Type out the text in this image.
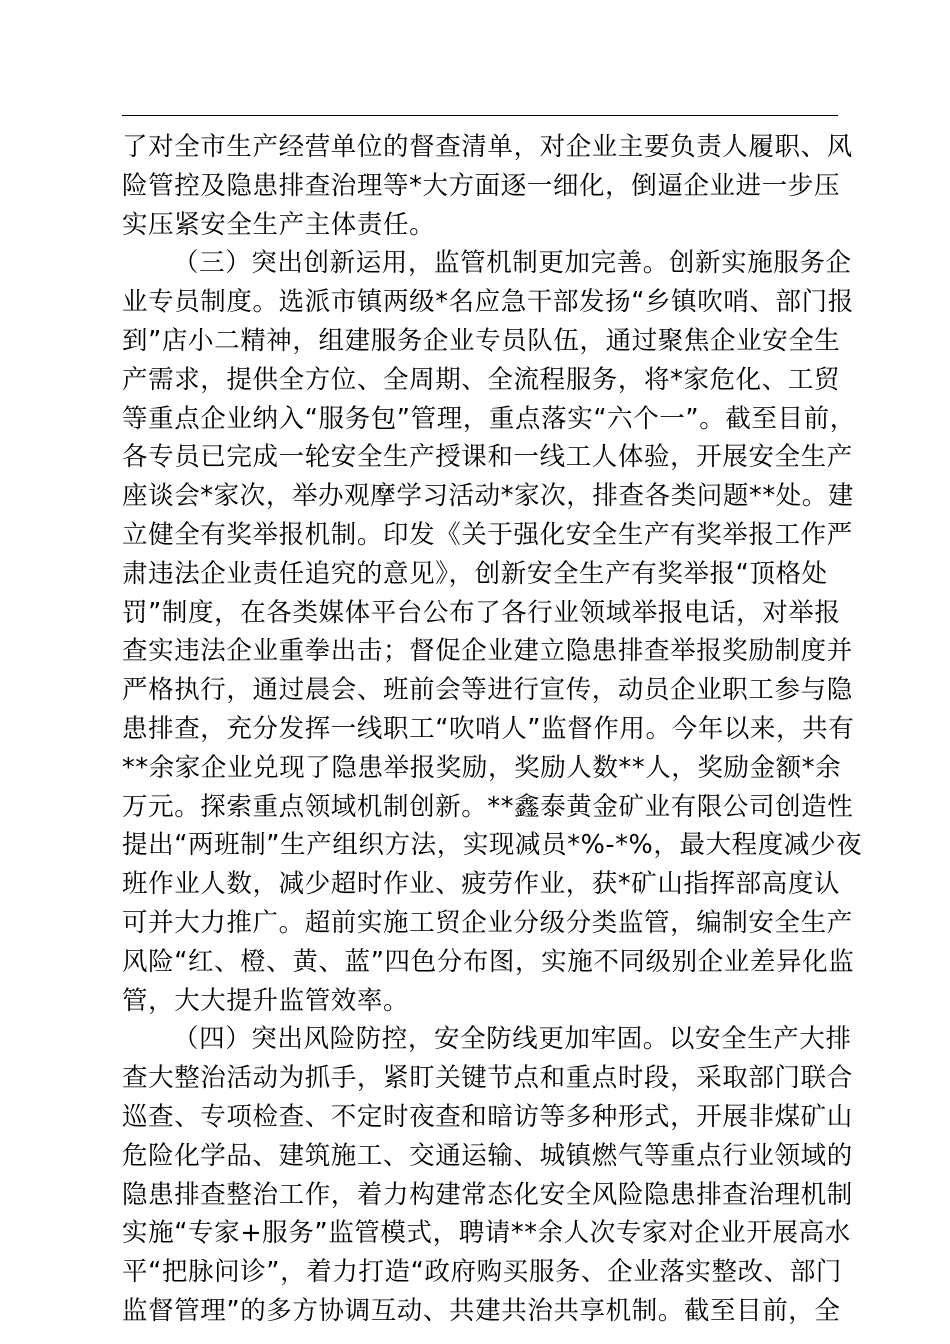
了对全市生产经营单位的督查清单，对企业主要负责人履职、风
险管控及隐患排查治理等*大方面逐一细化，倒逼企业进一步压
实压紧安全生产主体责任。
（三）突出创新运用，监管机制更加完善。创新实施服务企
业专员制度。选派市镇两级*名应急干部发扬“乡镇吹哨、部门报
到”店小二精神，组建服务企业专员队伍，通过聚焦企业安全生
产需求，提供全方位、全周期、全流程服务，将*家危化、工贸
等重点企业纳入“服务包”管理，重点落实“六个一”。截至目前，
各专员已完成一轮安全生产授课和一线工人体验，开展安全生产
座谈会*家次，举办观摩学习活动*家次，排查各类问题**处。建
立健全有奖举报机制。印发《关于强化安全生产有奖举报工作严
肃违法企业责任追究的意见》，创新安全生产有奖举报“顶格处
罚”制度，在各类媒体平台公布了各行业领域举报电话，对举报
查实违法企业重拳出击；督促企业建立隐患排查举报奖励制度并
严格执行，通过晨会、班前会等进行宣传，动员企业职工参与隐
患排查，充分发挥一线职工“吹哨人”监督作用。今年以来，共有
**余家企业兑现了隐患举报奖励，奖励人数**人，奖励金额*余
万元。探索重点领域机制创新。**鑫泰黄金矿业有限公司创造性
提出“两班制”生产组织方法，实现减员*%-*%，最大程度减少夜
班作业人数，减少超时作业、疲劳作业，获*矿山指挥部高度认
可并大力推广。超前实施工贸企业分级分类监管，编制安全生产
风险“红、橙、黄、蓝”四色分布图，实施不同级别企业差异化监
管，大大提升监管效率。
（四）突出风险防控，安全防线更加牢固。以安全生产大排
查大整治活动为抓手，紧盯关键节点和重点时段，采取部门联合
巡查、专项检查、不定时夜查和暗访等多种形式，开展非煤矿山
危险化学品、建筑施工、交通运输、城镇燃气等重点行业领域的
隐患排查整治工作，着力构建常态化安全风险隐患排查治理机制
实施“专家+服务”监管模式，聘请**余人次专家对企业开展高水
平“把脉问诊”，着力打造“政府购买服务、企业落实整改、部门
监督管理”的多方协调互动、共建共治共享机制。截至目前，全
